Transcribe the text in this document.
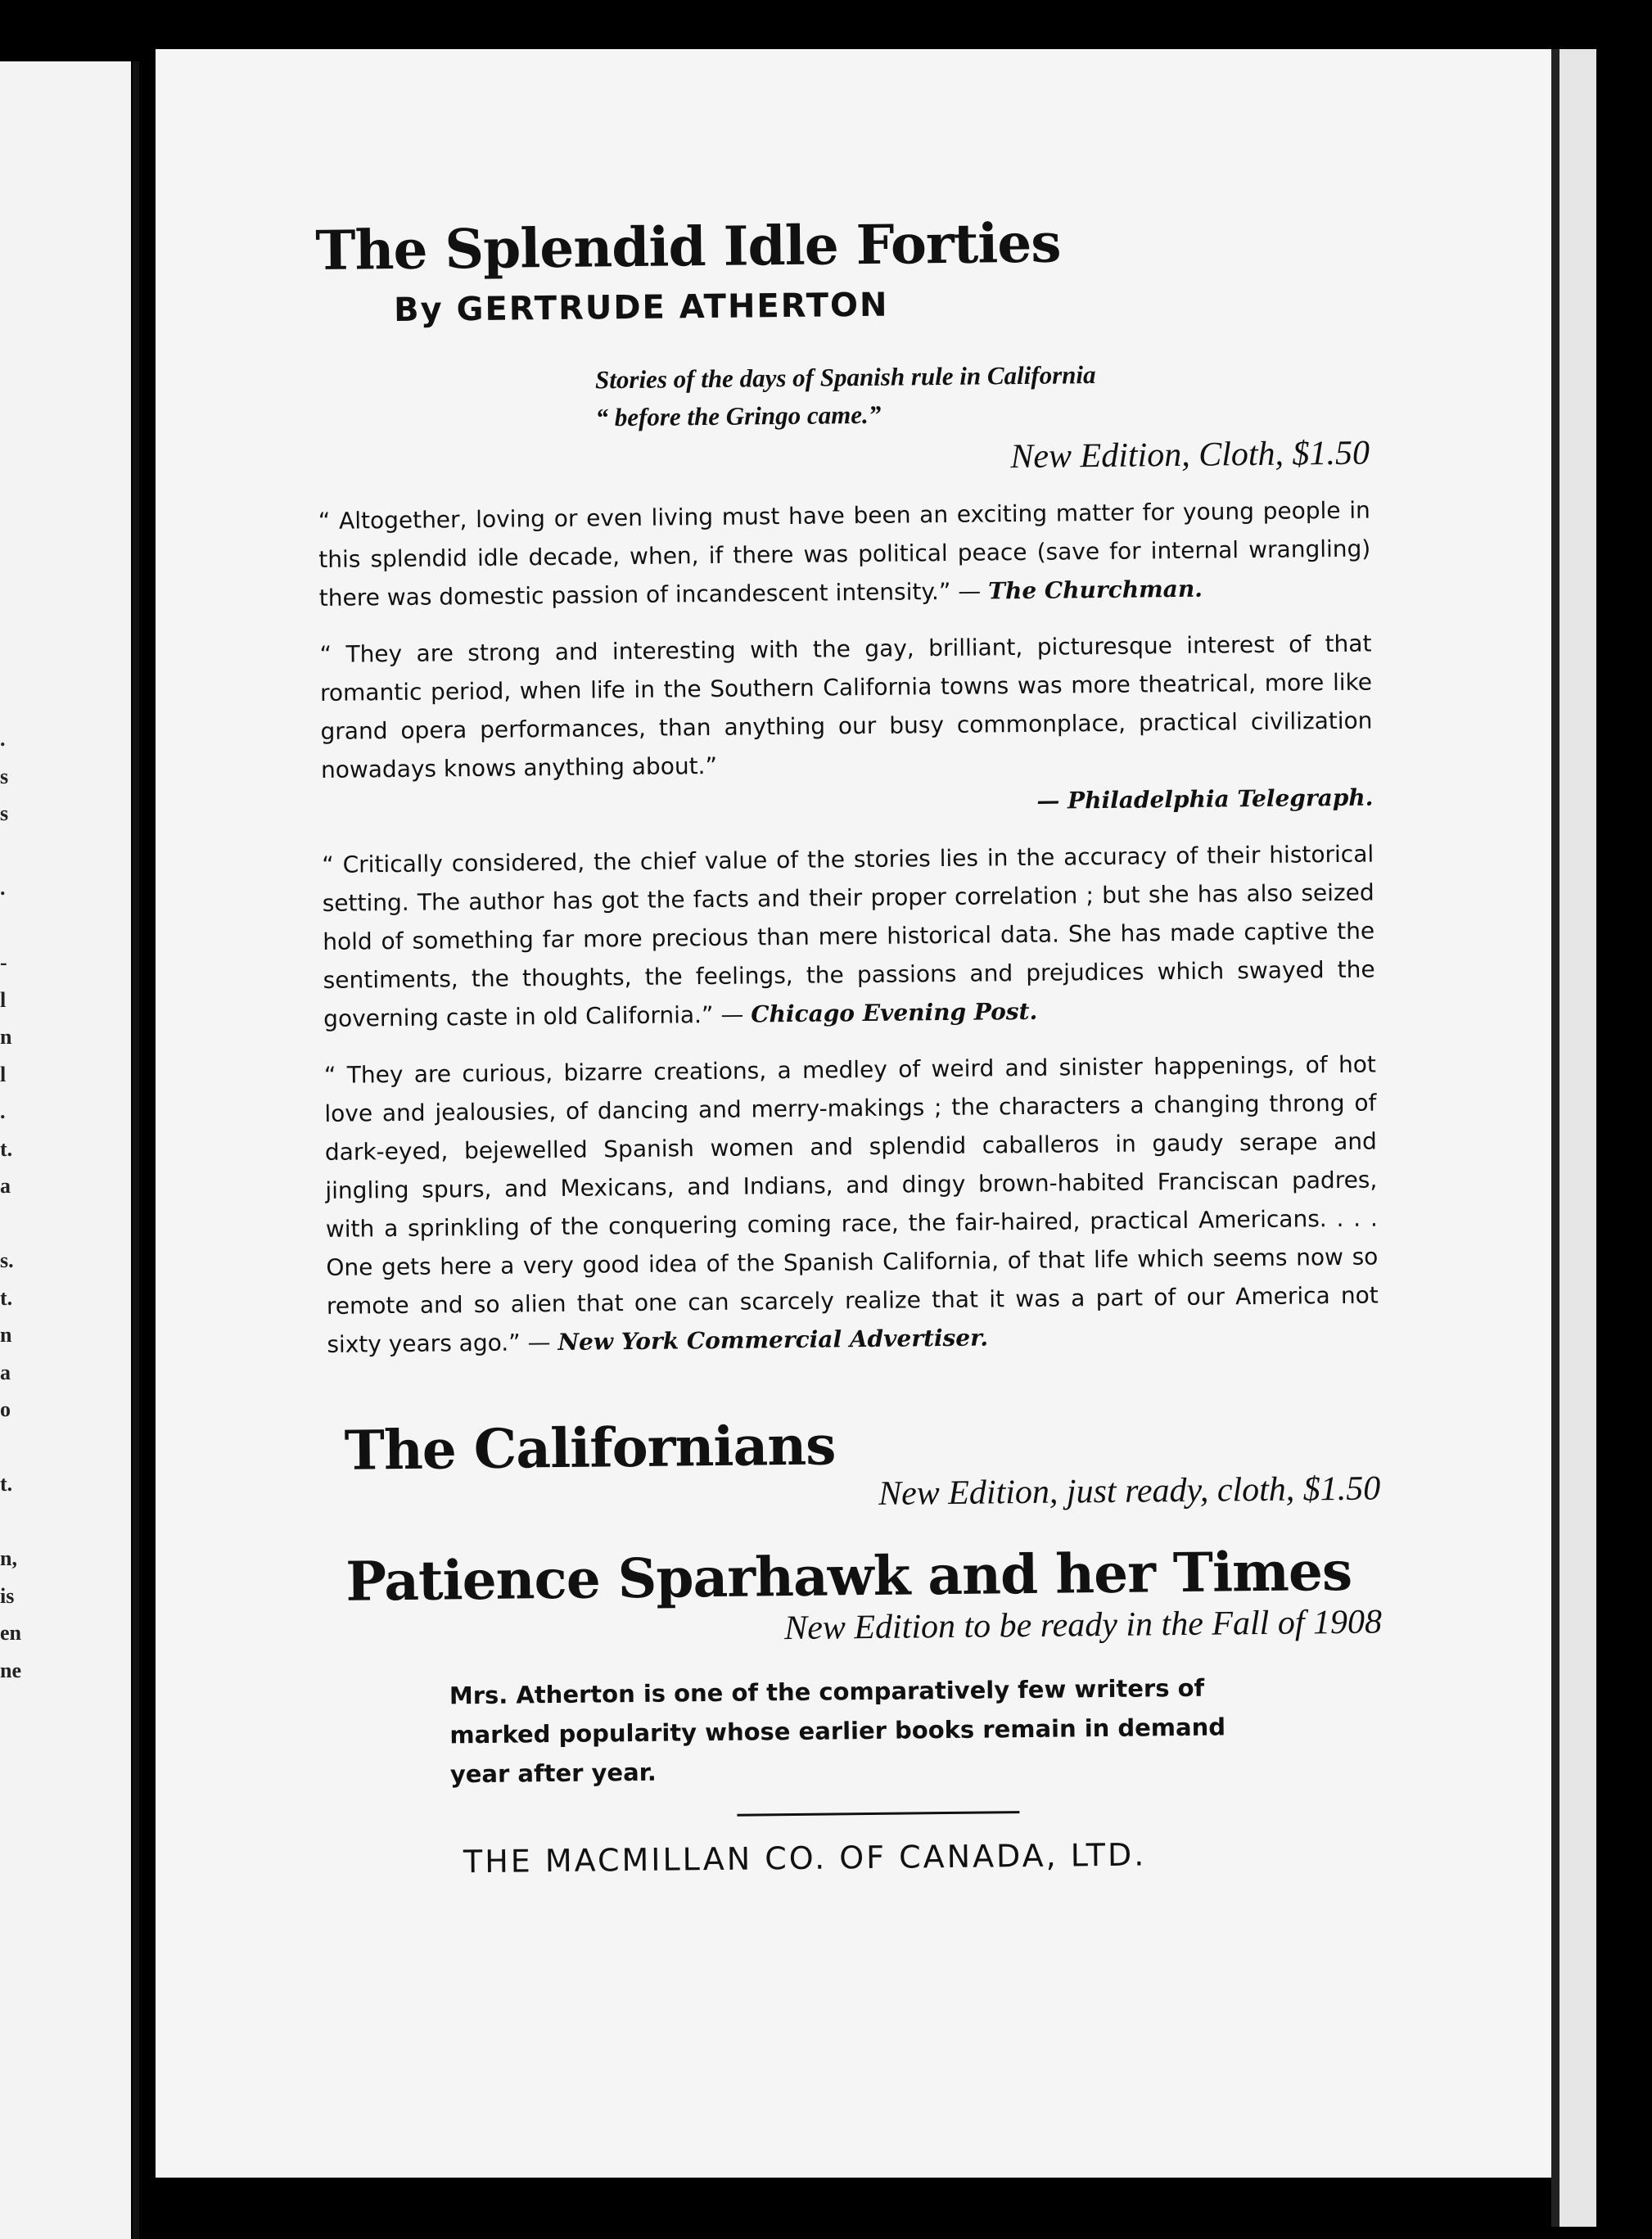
.
s
s

.

-
l
n
l
.
t.
a

s.
t.
n
a
o

t.

n,
is
en
ne
The Splendid Idle Forties
By GERTRUDE ATHERTON
Stories of the days of Spanish rule in California “ before the Gringo came.”
New Edition, Cloth, $1.50

“ Altogether, loving or even living must have been an exciting matter for young people in this splendid idle decade, when, if there was political peace (save for internal wrangling) there was domestic passion of incandescent intensity.” — The Churchman.

“ They are strong and interesting with the gay, brilliant, picturesque interest of that romantic period, when life in the Southern California towns was more theatrical, more like grand opera performances, than anything our busy commonplace, practical civilization nowadays knows anything about.”
— Philadelphia Telegraph.

“ Critically considered, the chief value of the stories lies in the accuracy of their historical setting. The author has got the facts and their proper correlation ; but she has also seized hold of something far more precious than mere historical data. She has made captive the sentiments, the thoughts, the feelings, the passions and prejudices which swayed the governing caste in old California.” — Chicago Evening Post.

“ They are curious, bizarre creations, a medley of weird and sinister happenings, of hot love and jealousies, of dancing and merry-makings ; the characters a changing throng of dark-eyed, bejewelled Spanish women and splendid caballeros in gaudy serape and jingling spurs, and Mexicans, and Indians, and dingy brown-habited Franciscan padres, with a sprinkling of the conquering coming race, the fair-haired, practical Americans. . . . One gets here a very good idea of the Spanish California, of that life which seems now so remote and so alien that one can scarcely realize that it was a part of our America not sixty years ago.” — New York Commercial Advertiser.

The Californians
New Edition, just ready, cloth, $1.50
Patience Sparhawk and her Times
New Edition to be ready in the Fall of 1908
Mrs. Atherton is one of the comparatively few writers of marked popularity whose earlier books remain in demand year after year.
THE MACMILLAN CO. OF CANADA, LTD.
